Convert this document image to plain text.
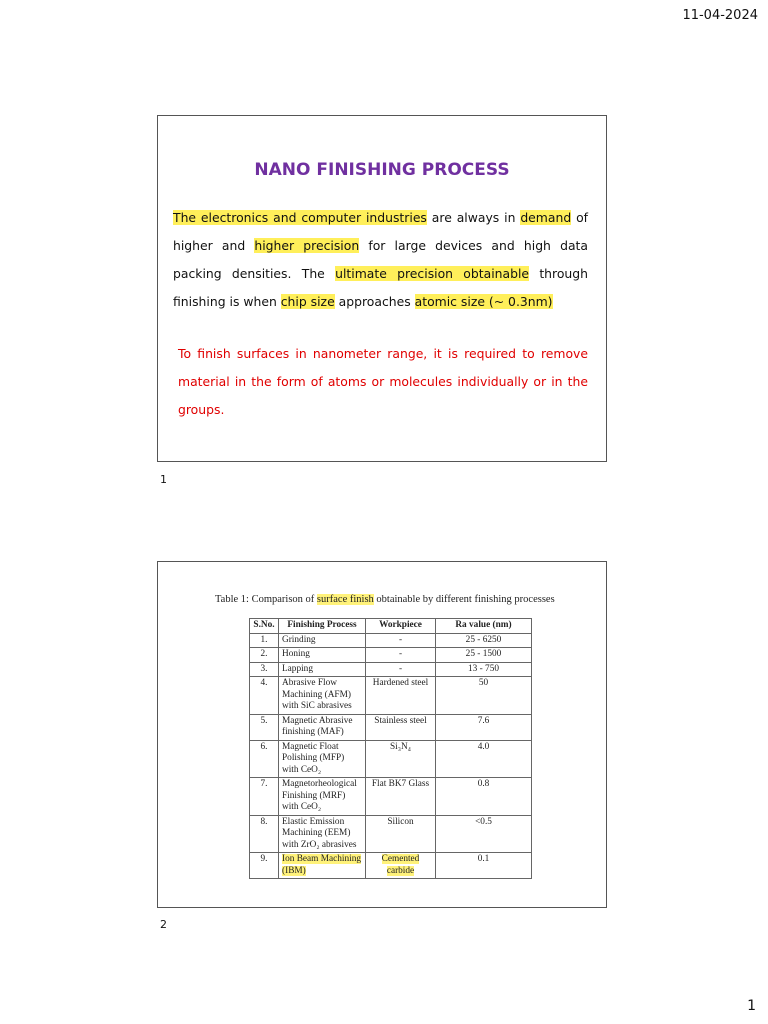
11-04-2024
NANO FINISHING PROCESS
The electronics and computer industries are always in demand of higher and higher precision for large devices and high data packing densities. The ultimate precision obtainable through finishing is when chip size approaches atomic size (~ 0.3nm)
To finish surfaces in nanometer range, it is required to remove material in the form of atoms or molecules individually or in the groups.
1
Table 1: Comparison of surface finish obtainable by different finishing processes
S.No.	Finishing Process	Workpiece	Ra value (nm)
1.	Grinding	-	25 - 6250
2.	Honing	-	25 - 1500
3.	Lapping	-	13 - 750
4.	Abrasive Flow Machining (AFM) with SiC abrasives	Hardened steel	50
5.	Magnetic Abrasive finishing (MAF)	Stainless steel	7.6
6.	Magnetic Float Polishing (MFP) with CeO₂	Si₃N₄	4.0
7.	Magnetorheological Finishing (MRF) with CeO₂	Flat BK7 Glass	0.8
8.	Elastic Emission Machining (EEM) with ZrO₂ abrasives	Silicon	<0.5
9.	Ion Beam Machining (IBM)	Cemented carbide	0.1
2
1
